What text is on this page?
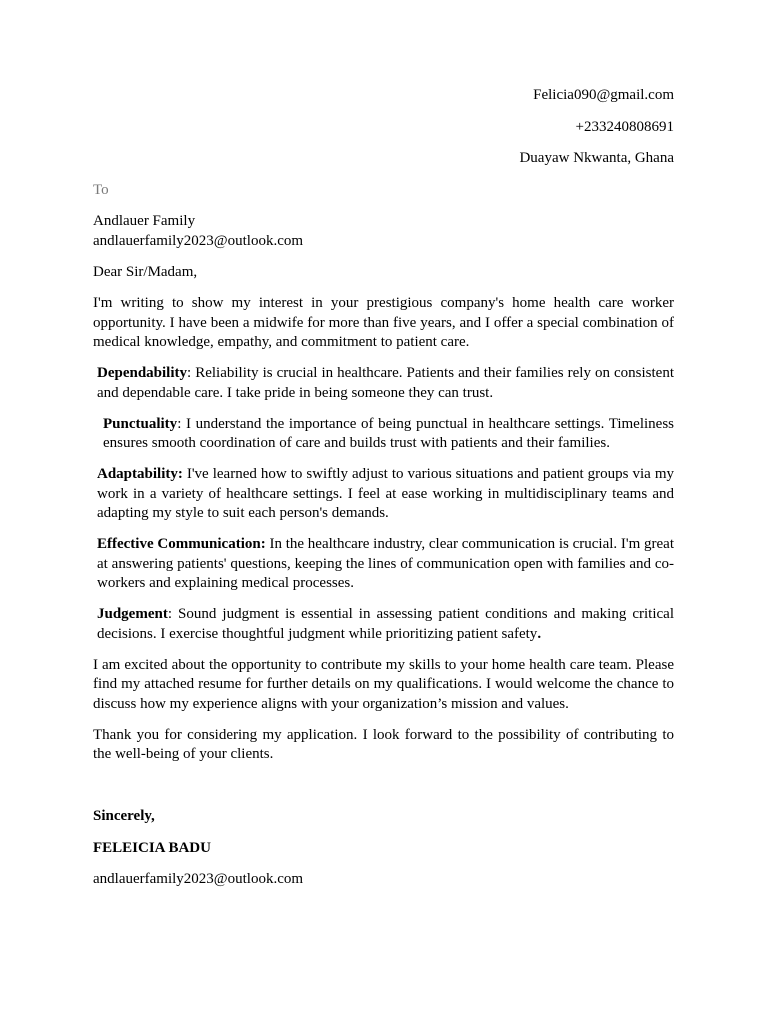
Felicia090@gmail.com
+233240808691
Duayaw Nkwanta, Ghana
To
Andlauer Family
andlauerfamily2023@outlook.com

Dear Sir/Madam,

I'm writing to show my interest in your prestigious company's home health care worker opportunity. I have been a midwife for more than five years, and I offer a special combination of medical knowledge, empathy, and commitment to patient care.

Dependability: Reliability is crucial in healthcare. Patients and their families rely on consistent and dependable care. I take pride in being someone they can trust.

Punctuality: I understand the importance of being punctual in healthcare settings. Timeliness ensures smooth coordination of care and builds trust with patients and their families.

Adaptability: I've learned how to swiftly adjust to various situations and patient groups via my work in a variety of healthcare settings. I feel at ease working in multidisciplinary teams and adapting my style to suit each person's demands.

Effective Communication: In the healthcare industry, clear communication is crucial. I'm great at answering patients' questions, keeping the lines of communication open with families and co-workers and explaining medical processes.

Judgement: Sound judgment is essential in assessing patient conditions and making critical decisions. I exercise thoughtful judgment while prioritizing patient safety.

I am excited about the opportunity to contribute my skills to your home health care team. Please find my attached resume for further details on my qualifications. I would welcome the chance to discuss how my experience aligns with your organization’s mission and values.

Thank you for considering my application. I look forward to the possibility of contributing to the well-being of your clients.

Sincerely,
FELEICIA BADU
andlauerfamily2023@outlook.com
